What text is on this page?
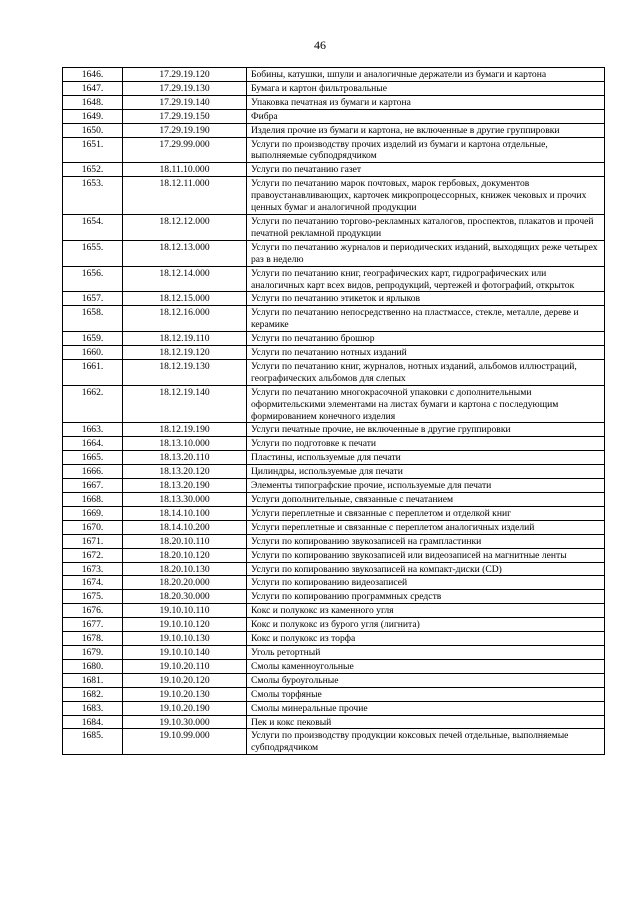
46
1646.	17.29.19.120	Бобины, катушки, шпули и аналогичные держатели из бумаги и картона
1647.	17.29.19.130	Бумага и картон фильтровальные
1648.	17.29.19.140	Упаковка печатная из бумаги и картона
1649.	17.29.19.150	Фибра
1650.	17.29.19.190	Изделия прочие из бумаги и картона, не включенные в другие группировки
1651.	17.29.99.000	Услуги по производству прочих изделий из бумаги и картона отдельные, выполняемые субподрядчиком
1652.	18.11.10.000	Услуги по печатанию газет
1653.	18.12.11.000	Услуги по печатанию марок почтовых, марок гербовых, документов правоустанавливающих, карточек микропроцессорных, книжек чековых и прочих ценных бумаг и аналогичной продукции
1654.	18.12.12.000	Услуги по печатанию торгово-рекламных каталогов, проспектов, плакатов и прочей печатной рекламной продукции
1655.	18.12.13.000	Услуги по печатанию журналов и периодических изданий, выходящих реже четырех раз в неделю
1656.	18.12.14.000	Услуги по печатанию книг, географических карт, гидрографических или аналогичных карт всех видов, репродукций, чертежей и фотографий, открыток
1657.	18.12.15.000	Услуги по печатанию этикеток и ярлыков
1658.	18.12.16.000	Услуги по печатанию непосредственно на пластмассе, стекле, металле, дереве и керамике
1659.	18.12.19.110	Услуги по печатанию брошюр
1660.	18.12.19.120	Услуги по печатанию нотных изданий
1661.	18.12.19.130	Услуги по печатанию книг, журналов, нотных изданий, альбомов иллюстраций, географических альбомов для слепых
1662.	18.12.19.140	Услуги по печатанию многокрасочной упаковки с дополнительными оформительскими элементами на листах бумаги и картона с последующим формированием конечного изделия
1663.	18.12.19.190	Услуги печатные прочие, не включенные в другие группировки
1664.	18.13.10.000	Услуги по подготовке к печати
1665.	18.13.20.110	Пластины, используемые для печати
1666.	18.13.20.120	Цилиндры, используемые для печати
1667.	18.13.20.190	Элементы типографские прочие, используемые для печати
1668.	18.13.30.000	Услуги дополнительные, связанные с печатанием
1669.	18.14.10.100	Услуги переплетные и связанные с переплетом и отделкой книг
1670.	18.14.10.200	Услуги переплетные и связанные с переплетом аналогичных изделий
1671.	18.20.10.110	Услуги по копированию звукозаписей на грампластинки
1672.	18.20.10.120	Услуги по копированию звукозаписей или видеозаписей на магнитные ленты
1673.	18.20.10.130	Услуги по копированию звукозаписей на компакт-диски (CD)
1674.	18.20.20.000	Услуги по копированию видеозаписей
1675.	18.20.30.000	Услуги по копированию программных средств
1676.	19.10.10.110	Кокс и полукокс из каменного угля
1677.	19.10.10.120	Кокс и полукокс из бурого угля (лигнита)
1678.	19.10.10.130	Кокс и полукокс из торфа
1679.	19.10.10.140	Уголь ретортный
1680.	19.10.20.110	Смолы каменноугольные
1681.	19.10.20.120	Смолы буроугольные
1682.	19.10.20.130	Смолы торфяные
1683.	19.10.20.190	Смолы минеральные прочие
1684.	19.10.30.000	Пек и кокс пековый
1685.	19.10.99.000	Услуги по производству продукции коксовых печей отдельные, выполняемые субподрядчиком
